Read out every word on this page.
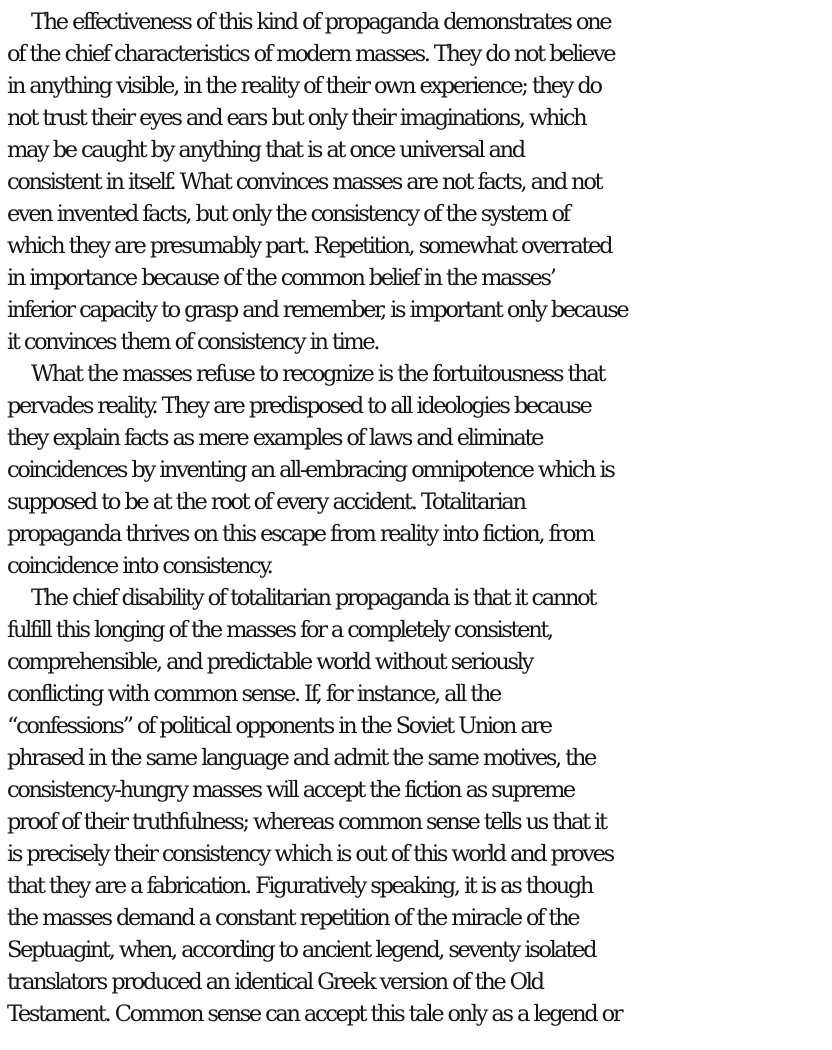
The effectiveness of this kind of propaganda demonstrates one
of the chief characteristics of modern masses. They do not believe
in anything visible, in the reality of their own experience; they do
not trust their eyes and ears but only their imaginations, which
may be caught by anything that is at once universal and
consistent in itself. What convinces masses are not facts, and not
even invented facts, but only the consistency of the system of
which they are presumably part. Repetition, somewhat overrated
in importance because of the common belief in the masses’
inferior capacity to grasp and remember, is important only because
it convinces them of consistency in time.
What the masses refuse to recognize is the fortuitousness that
pervades reality. They are predisposed to all ideologies because
they explain facts as mere examples of laws and eliminate
coincidences by inventing an all-embracing omnipotence which is
supposed to be at the root of every accident. Totalitarian
propaganda thrives on this escape from reality into fiction, from
coincidence into consistency.
The chief disability of totalitarian propaganda is that it cannot
fulfill this longing of the masses for a completely consistent,
comprehensible, and predictable world without seriously
conflicting with common sense. If, for instance, all the
“confessions” of political opponents in the Soviet Union are
phrased in the same language and admit the same motives, the
consistency-hungry masses will accept the fiction as supreme
proof of their truthfulness; whereas common sense tells us that it
is precisely their consistency which is out of this world and proves
that they are a fabrication. Figuratively speaking, it is as though
the masses demand a constant repetition of the miracle of the
Septuagint, when, according to ancient legend, seventy isolated
translators produced an identical Greek version of the Old
Testament. Common sense can accept this tale only as a legend or
